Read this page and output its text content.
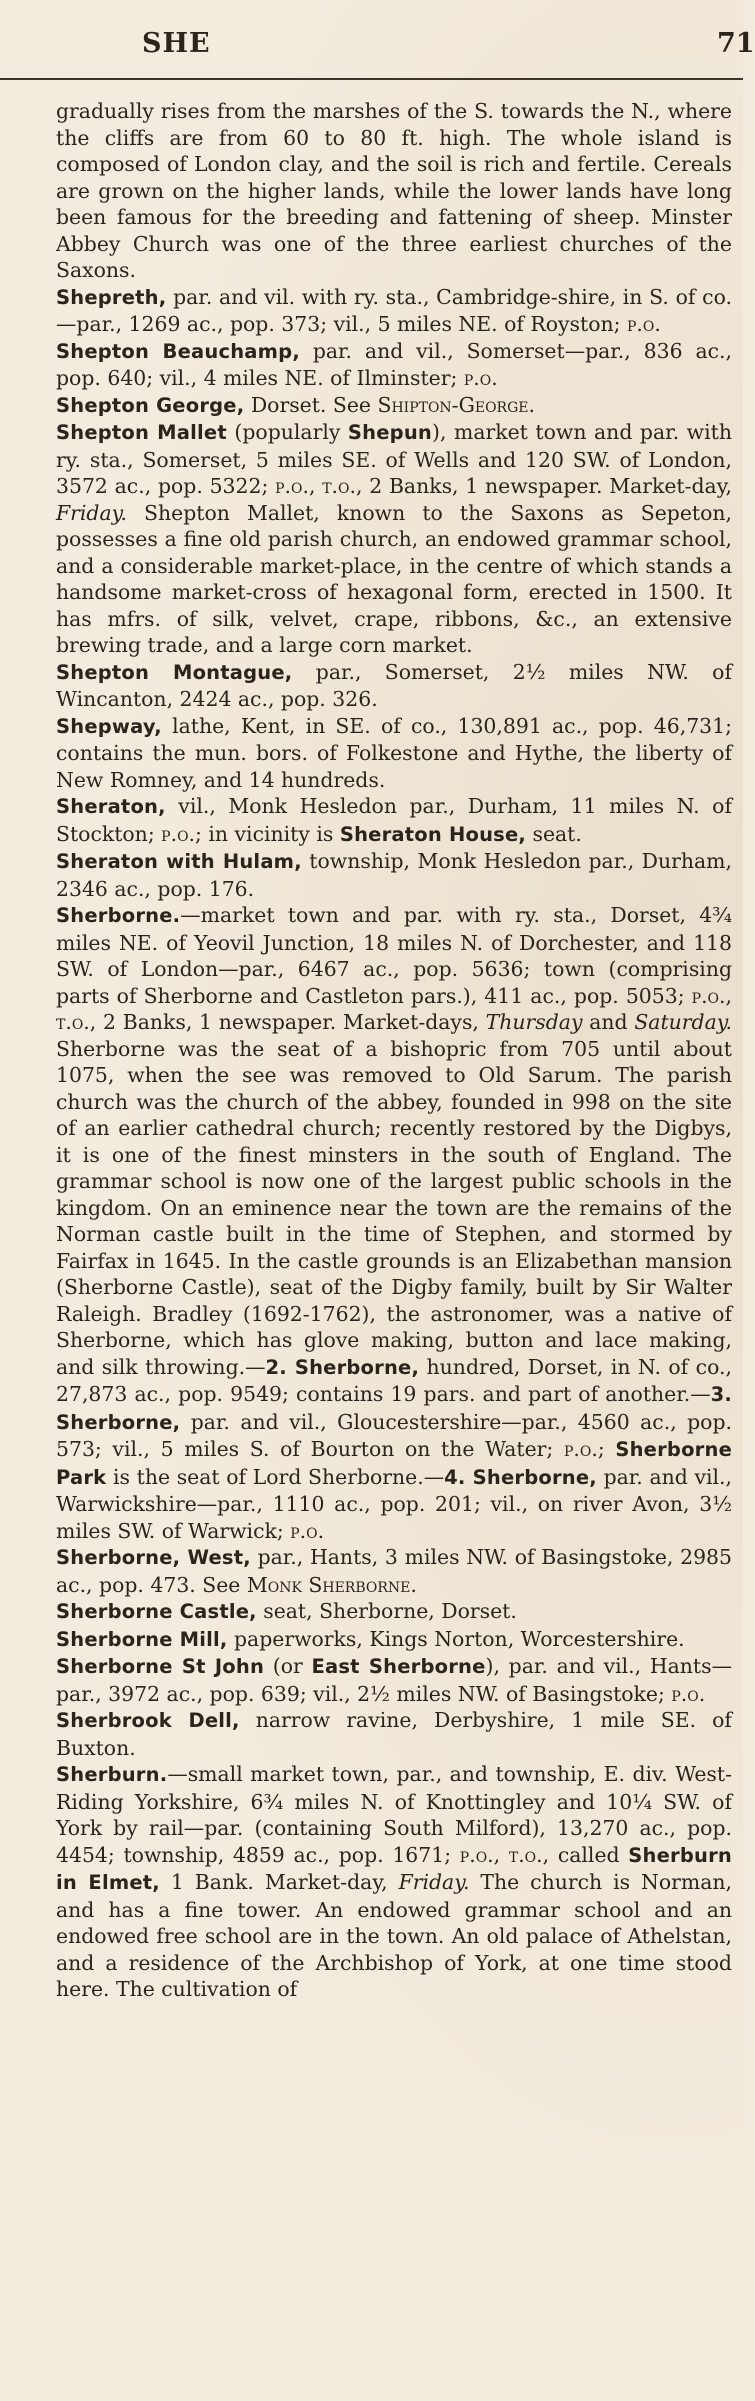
SHE	71

gradually rises from the marshes of the S. towards the N., where the cliffs are from 60 to 80 ft. high. The whole island is composed of London clay, and the soil is rich and fertile. Cereals are grown on the higher lands, while the lower lands have long been famous for the breeding and fattening of sheep. Minster Abbey Church was one of the three earliest churches of the Saxons.

Shepreth, par. and vil. with ry. sta., Cambridge-shire, in S. of co.—par., 1269 ac., pop. 373; vil., 5 miles NE. of Royston; p.o.

Shepton Beauchamp, par. and vil., Somerset—par., 836 ac., pop. 640; vil., 4 miles NE. of Ilminster; p.o.

Shepton George, Dorset. See Shipton-George.

Shepton Mallet (popularly Shepun), market town and par. with ry. sta., Somerset, 5 miles SE. of Wells and 120 SW. of London, 3572 ac., pop. 5322; p.o., t.o., 2 Banks, 1 newspaper. Market-day, Friday. Shepton Mallet, known to the Saxons as Sepeton, possesses a fine old parish church, an endowed grammar school, and a considerable market-place, in the centre of which stands a handsome market-cross of hexagonal form, erected in 1500. It has mfrs. of silk, velvet, crape, ribbons, &c., an extensive brewing trade, and a large corn market.

Shepton Montague, par., Somerset, 2½ miles NW. of Wincanton, 2424 ac., pop. 326.

Shepway, lathe, Kent, in SE. of co., 130,891 ac., pop. 46,731; contains the mun. bors. of Folkestone and Hythe, the liberty of New Romney, and 14 hundreds.

Sheraton, vil., Monk Hesledon par., Durham, 11 miles N. of Stockton; p.o.; in vicinity is Sheraton House, seat.

Sheraton with Hulam, township, Monk Hesledon par., Durham, 2346 ac., pop. 176.

Sherborne.—market town and par. with ry. sta., Dorset, 4¾ miles NE. of Yeovil Junction, 18 miles N. of Dorchester, and 118 SW. of London—par., 6467 ac., pop. 5636; town (comprising parts of Sherborne and Castleton pars.), 411 ac., pop. 5053; p.o., t.o., 2 Banks, 1 newspaper. Market-days, Thursday and Saturday. Sherborne was the seat of a bishopric from 705 until about 1075, when the see was removed to Old Sarum. The parish church was the church of the abbey, founded in 998 on the site of an earlier cathedral church; recently restored by the Digbys, it is one of the finest minsters in the south of England. The grammar school is now one of the largest public schools in the kingdom. On an eminence near the town are the remains of the Norman castle built in the time of Stephen, and stormed by Fairfax in 1645. In the castle grounds is an Elizabethan mansion (Sherborne Castle), seat of the Digby family, built by Sir Walter Raleigh. Bradley (1692-1762), the astronomer, was a native of Sherborne, which has glove making, button and lace making, and silk throwing.—2. Sherborne, hundred, Dorset, in N. of co., 27,873 ac., pop. 9549; contains 19 pars. and part of another.—3. Sherborne, par. and vil., Gloucestershire—par., 4560 ac., pop. 573; vil., 5 miles S. of Bourton on the Water; p.o.; Sherborne Park is the seat of Lord Sherborne.—4. Sherborne, par. and vil., Warwickshire—par., 1110 ac., pop. 201; vil., on river Avon, 3½ miles SW. of Warwick; p.o.

Sherborne, West, par., Hants, 3 miles NW. of Basingstoke, 2985 ac., pop. 473. See Monk Sherborne.

Sherborne Castle, seat, Sherborne, Dorset.

Sherborne Mill, paperworks, Kings Norton, Worcestershire.

Sherborne St John (or East Sherborne), par. and vil., Hants—par., 3972 ac., pop. 639; vil., 2½ miles NW. of Basingstoke; p.o.

Sherbrook Dell, narrow ravine, Derbyshire, 1 mile SE. of Buxton.

Sherburn.—small market town, par., and township, E. div. West-Riding Yorkshire, 6¾ miles N. of Knottingley and 10¼ SW. of York by rail—par. (containing South Milford), 13,270 ac., pop. 4454; township, 4859 ac., pop. 1671; p.o., t.o., called Sherburn in Elmet, 1 Bank. Market-day, Friday. The church is Norman, and has a fine tower. An endowed grammar school and an endowed free school are in the town. An old palace of Athelstan, and a residence of the Archbishop of York, at one time stood here. The cultivation of
